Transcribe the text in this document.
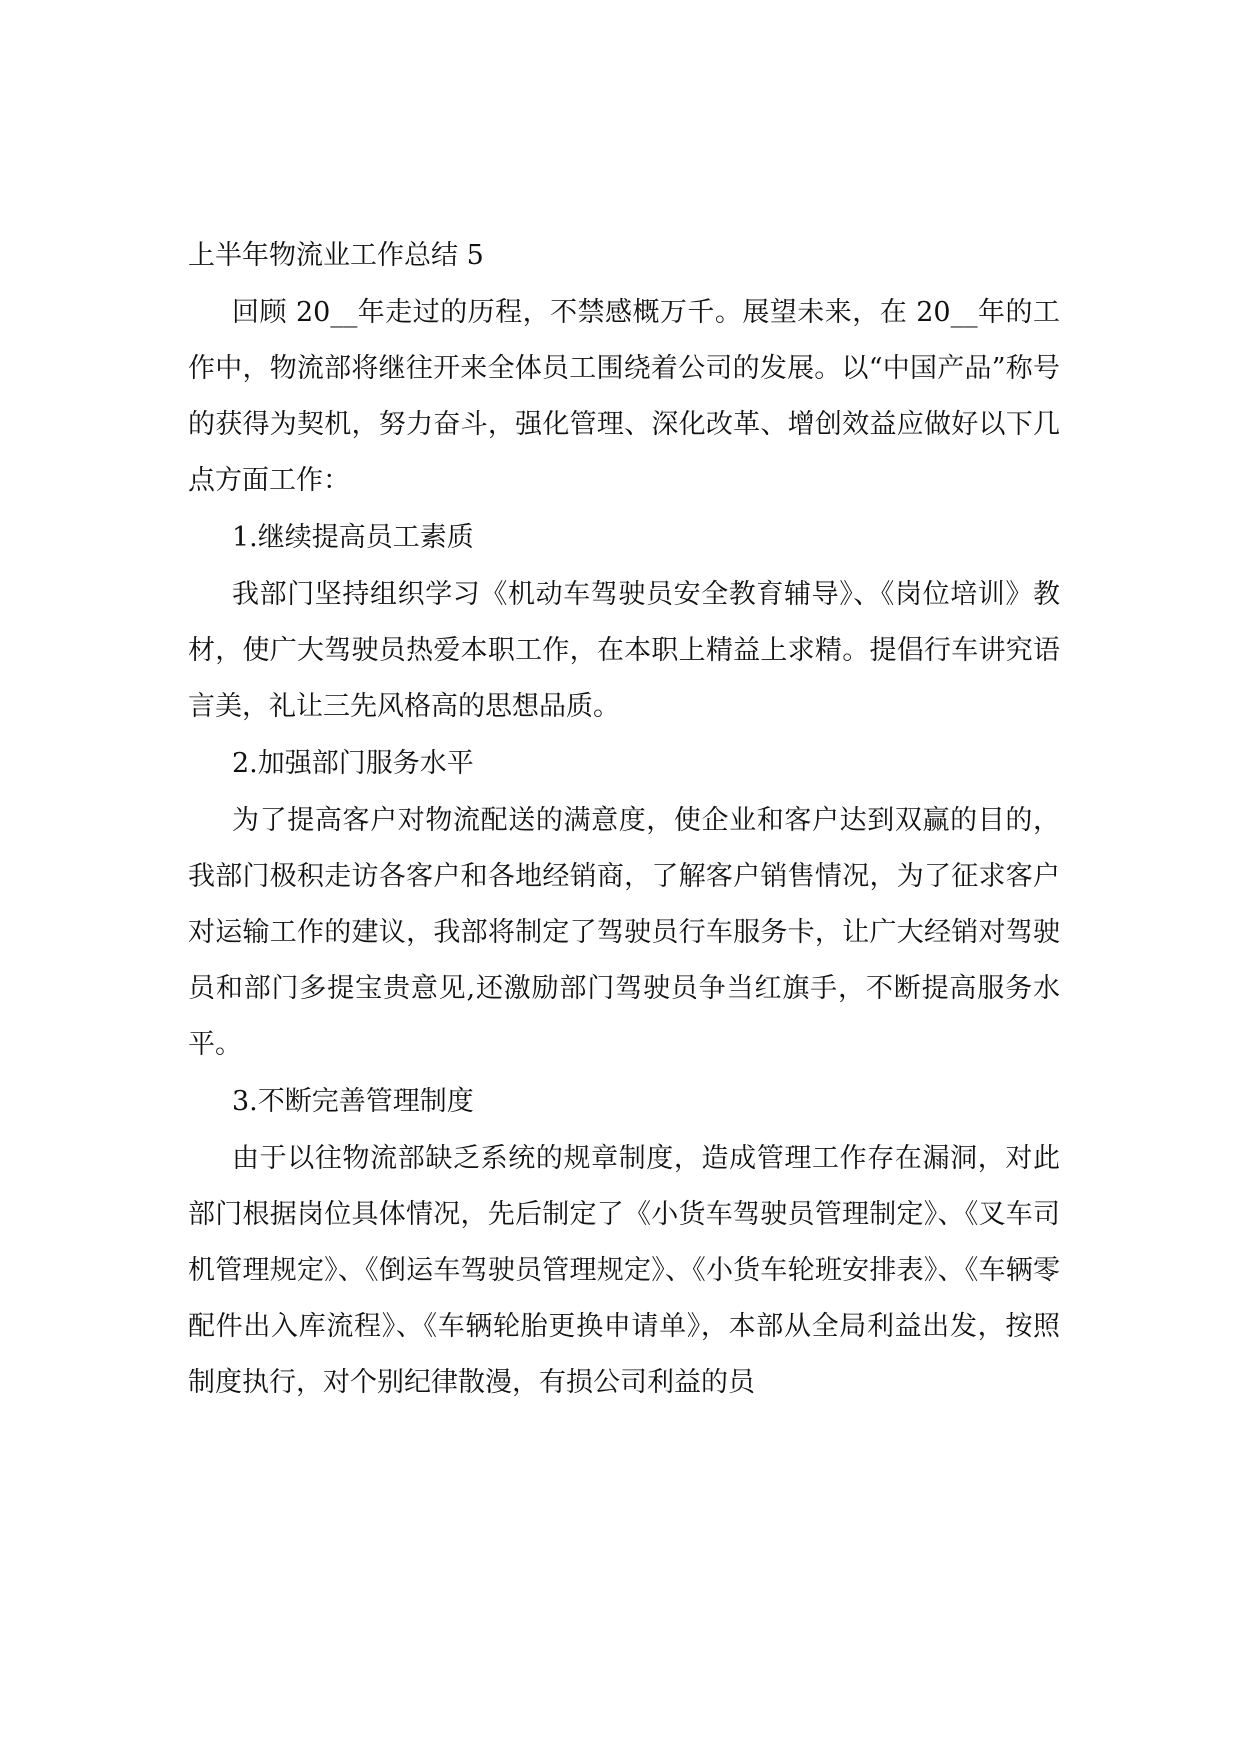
上半年物流业工作总结 5

回顾 20__年走过的历程，不禁感概万千。展望未来，在 20__年的工作中，物流部将继往开来全体员工围绕着公司的发展。以“中国产品”称号的获得为契机，努力奋斗，强化管理、深化改革、增创效益应做好以下几点方面工作：

1.继续提高员工素质

我部门坚持组织学习《机动车驾驶员安全教育辅导》、《岗位培训》教材，使广大驾驶员热爱本职工作，在本职上精益上求精。提倡行车讲究语言美，礼让三先风格高的思想品质。

2.加强部门服务水平

为了提高客户对物流配送的满意度，使企业和客户达到双赢的目的，我部门极积走访各客户和各地经销商，了解客户销售情况，为了征求客户对运输工作的建议，我部将制定了驾驶员行车服务卡，让广大经销对驾驶员和部门多提宝贵意见,还激励部门驾驶员争当红旗手，不断提高服务水平。

3.不断完善管理制度

由于以往物流部缺乏系统的规章制度，造成管理工作存在漏洞，对此部门根据岗位具体情况，先后制定了《小货车驾驶员管理制定》、《叉车司机管理规定》、《倒运车驾驶员管理规定》、《小货车轮班安排表》、《车辆零配件出入库流程》、《车辆轮胎更换申请单》，本部从全局利益出发，按照制度执行，对个别纪律散漫，有损公司利益的员
